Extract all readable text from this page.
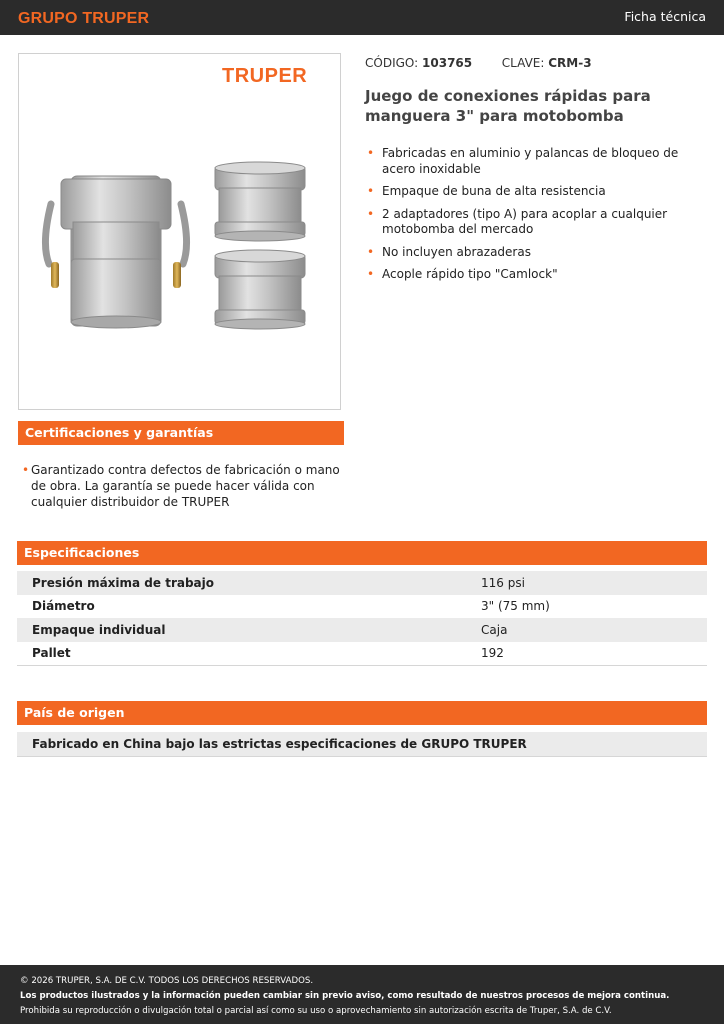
GRUPO TRUPER	Ficha técnica
TRUPER
CÓDIGO: 103765 CLAVE: CRM-3
Juego de conexiones rápidas para manguera 3" para motobomba
• Fabricadas en aluminio y palancas de bloqueo de acero inoxidable
• Empaque de buna de alta resistencia
• 2 adaptadores (tipo A) para acoplar a cualquier motobomba del mercado
• No incluyen abrazaderas
• Acople rápido tipo "Camlock"
Certificaciones y garantías
• Garantizado contra defectos de fabricación o mano de obra. La garantía se puede hacer válida con cualquier distribuidor de TRUPER
Especificaciones
Presión máxima de trabajo	116 psi
Diámetro	3" (75 mm)
Empaque individual	Caja
Pallet	192
País de origen
Fabricado en China bajo las estrictas especificaciones de GRUPO TRUPER

© 2026 TRUPER, S.A. DE C.V. TODOS LOS DERECHOS RESERVADOS.

Los productos ilustrados y la información pueden cambiar sin previo aviso, como resultado de nuestros procesos de mejora continua.

Prohibida su reproducción o divulgación total o parcial así como su uso o aprovechamiento sin autorización escrita de Truper, S.A. de C.V.
